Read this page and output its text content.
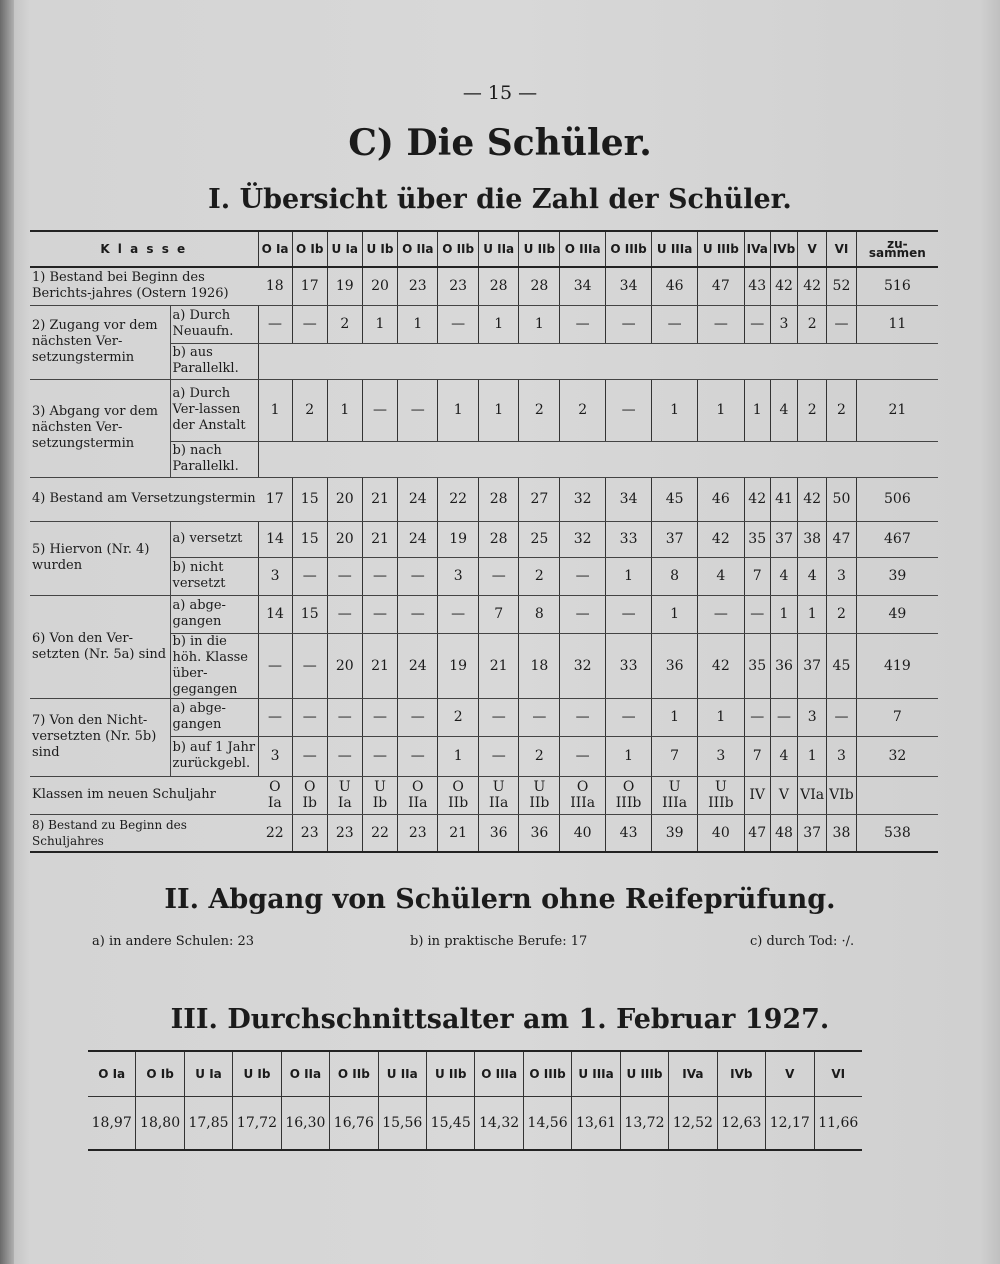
— 15 —
C) Die Schüler.
I. Übersicht über die Zahl der Schüler.
K l a s s e		O Ia	O Ib	U Ia	U Ib	O IIa	O IIb	U IIa	U IIb	O IIIa	O IIIb	U IIIa	U IIIb	IVa	IVb	V	VI	zu-sammen
1) Bestand bei Beginn des Berichts-jahres (Ostern 1926)		18	17	19	20	23	23	28	28	34	34	46	47	43	42	42	52	516
2) Zugang vor dem nächsten Ver-setzungstermin	a) Durch Neuaufn.	—	—	2	1	1	—	1	1	—	—	—	—	—	3	2	—	11
	b) aus Parallelkl.																	
3) Abgang vor dem nächsten Ver-setzungstermin	a) Durch Ver-lassen der Anstalt	1	2	1	—	—	1	1	2	2	—	1	1	1	4	2	2	21
	b) nach Parallelkl.																	
4) Bestand am Versetzungstermin		17	15	20	21	24	22	28	27	32	34	45	46	42	41	42	50	506
5) Hiervon (Nr. 4) wurden	a) versetzt	14	15	20	21	24	19	28	25	32	33	37	42	35	37	38	47	467
	b) nicht versetzt	3	—	—	—	—	3	—	2	—	1	8	4	7	4	4	3	39
6) Von den Ver-setzten (Nr. 5a) sind	a) abge-gangen	14	15	—	—	—	—	7	8	—	—	1	—	—	1	1	2	49
	b) in die höh. Klasse über-gegangen	—	—	20	21	24	19	21	18	32	33	36	42	35	36	37	45	419
7) Von den Nicht-versetzten (Nr. 5b) sind	a) abge-gangen	—	—	—	—	—	2	—	—	—	—	1	1	—	—	3	—	7
	b) auf 1 Jahr zurückgebl.	3	—	—	—	—	1	—	2	—	1	7	3	7	4	1	3	32
Klassen im neuen Schuljahr		O Ia	O Ib	U Ia	U Ib	O IIa	O IIb	U IIa	U IIb	O IIIa	O IIIb	U IIIa	U IIIb	IV	V	VIa	VIb	
8) Bestand zu Beginn des Schuljahres		22	23	23	22	23	21	36	36	40	43	39	40	47	48	37	38	538
II. Abgang von Schülern ohne Reifeprüfung.
a) in andere Schulen: 23	b) in praktische Berufe: 17	c) durch Tod: ·/.
III. Durchschnittsalter am 1. Februar 1927.
O Ia	O Ib	U Ia	U Ib	O IIa	O IIb	U IIa	U IIb	O IIIa	O IIIb	U IIIa	U IIIb	IVa	IVb	V	VI
18,97	18,80	17,85	17,72	16,30	16,76	15,56	15,45	14,32	14,56	13,61	13,72	12,52	12,63	12,17	11,66
